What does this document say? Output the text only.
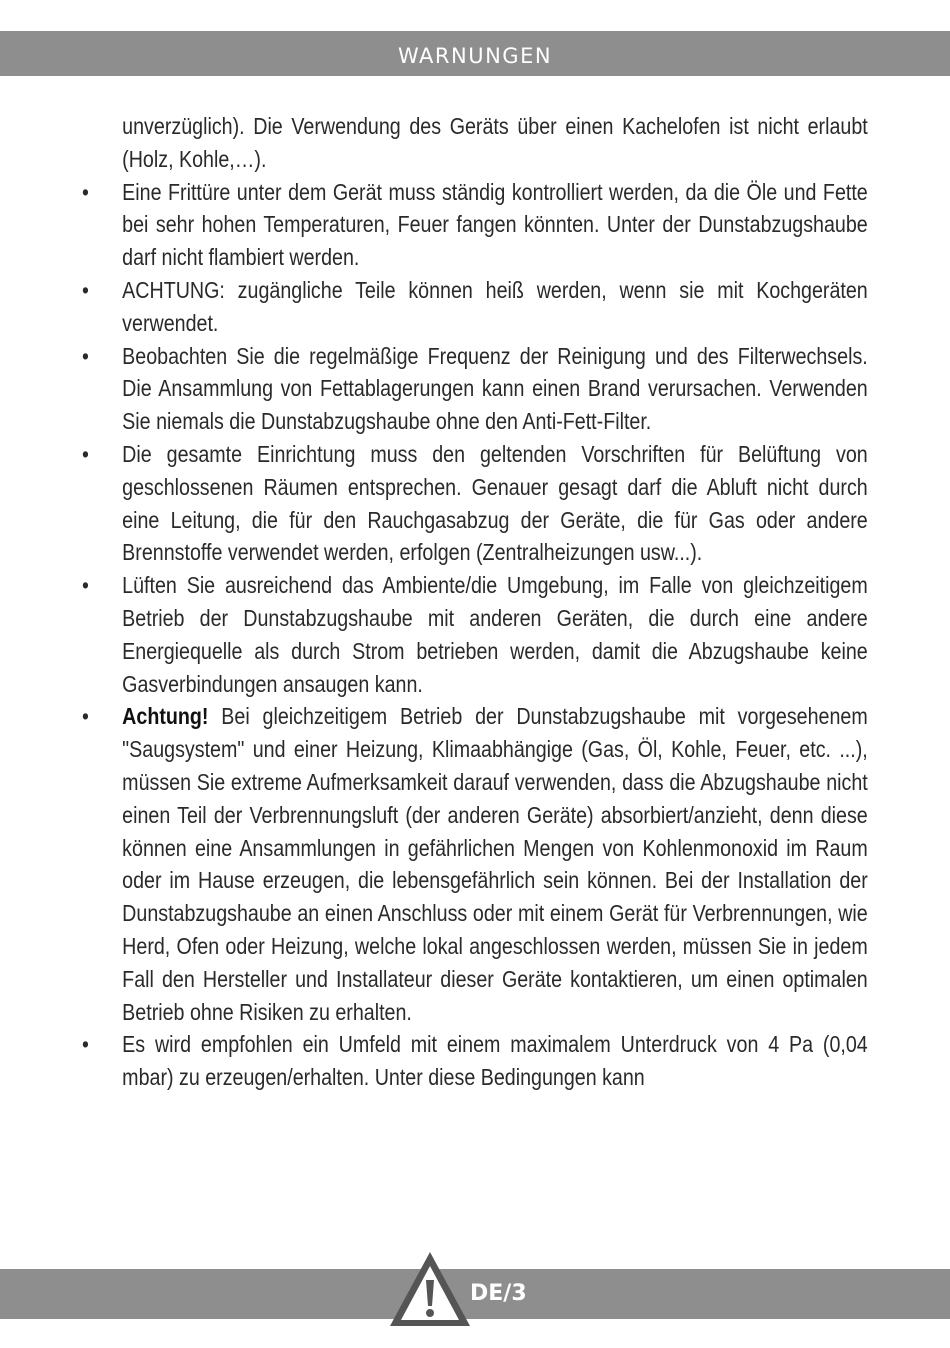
WARNUNGEN
unverzüglich). Die Verwendung des Geräts über einen Kachelofen ist nicht erlaubt (Holz, Kohle,…).
•	Eine Frittüre unter dem Gerät muss ständig kontrolliert werden, da die Öle und Fette bei sehr hohen Temperaturen, Feuer fangen könnten. Unter der Dunstabzugshaube darf nicht flambiert werden.
•	ACHTUNG: zugängliche Teile können heiß werden, wenn sie mit Kochgeräten verwendet.
•	Beobachten Sie die regelmäßige Frequenz der Reinigung und des Filterwechsels. Die Ansammlung von Fettablagerungen kann einen Brand verursachen. Verwenden Sie niemals die Dunstabzugshaube ohne den Anti-Fett-Filter.
•	Die gesamte Einrichtung muss den geltenden Vorschriften für Belüftung von geschlossenen Räumen entsprechen. Genauer gesagt darf die Abluft nicht durch eine Leitung, die für den Rauchgasabzug der Geräte, die für Gas oder andere Brennstoffe verwendet werden, erfolgen (Zentralheizungen usw...).
•	Lüften Sie ausreichend das Ambiente/die Umgebung, im Falle von gleichzeitigem Betrieb der Dunstabzugshaube mit anderen Geräten, die durch eine andere Energiequelle als durch Strom betrieben werden, damit die Abzugshaube keine Gasverbindungen ansaugen kann.
•	Achtung! Bei gleichzeitigem Betrieb der Dunstabzugshaube mit vorgesehenem "Saugsystem" und einer Heizung, Klimaabhängige (Gas, Öl, Kohle, Feuer, etc. ...), müssen Sie extreme Aufmerksamkeit darauf verwenden, dass die Abzugshaube nicht einen Teil der Verbrennungsluft (der anderen Geräte) absorbiert/anzieht, denn diese können eine Ansammlungen in gefährlichen Mengen von Kohlenmonoxid im Raum oder im Hause erzeugen, die lebensgefährlich sein können. Bei der Installation der Dunstabzugshaube an einen Anschluss oder mit einem Gerät für Verbrennungen, wie Herd, Ofen oder Heizung, welche lokal angeschlossen werden, müssen Sie in jedem Fall den Hersteller und Installateur dieser Geräte kontaktieren, um einen optimalen Betrieb ohne Risiken zu erhalten.
•	Es wird empfohlen ein Umfeld mit einem maximalem Unterdruck von 4 Pa (0,04 mbar) zu erzeugen/erhalten. Unter diese Bedingungen kann
DE/3
